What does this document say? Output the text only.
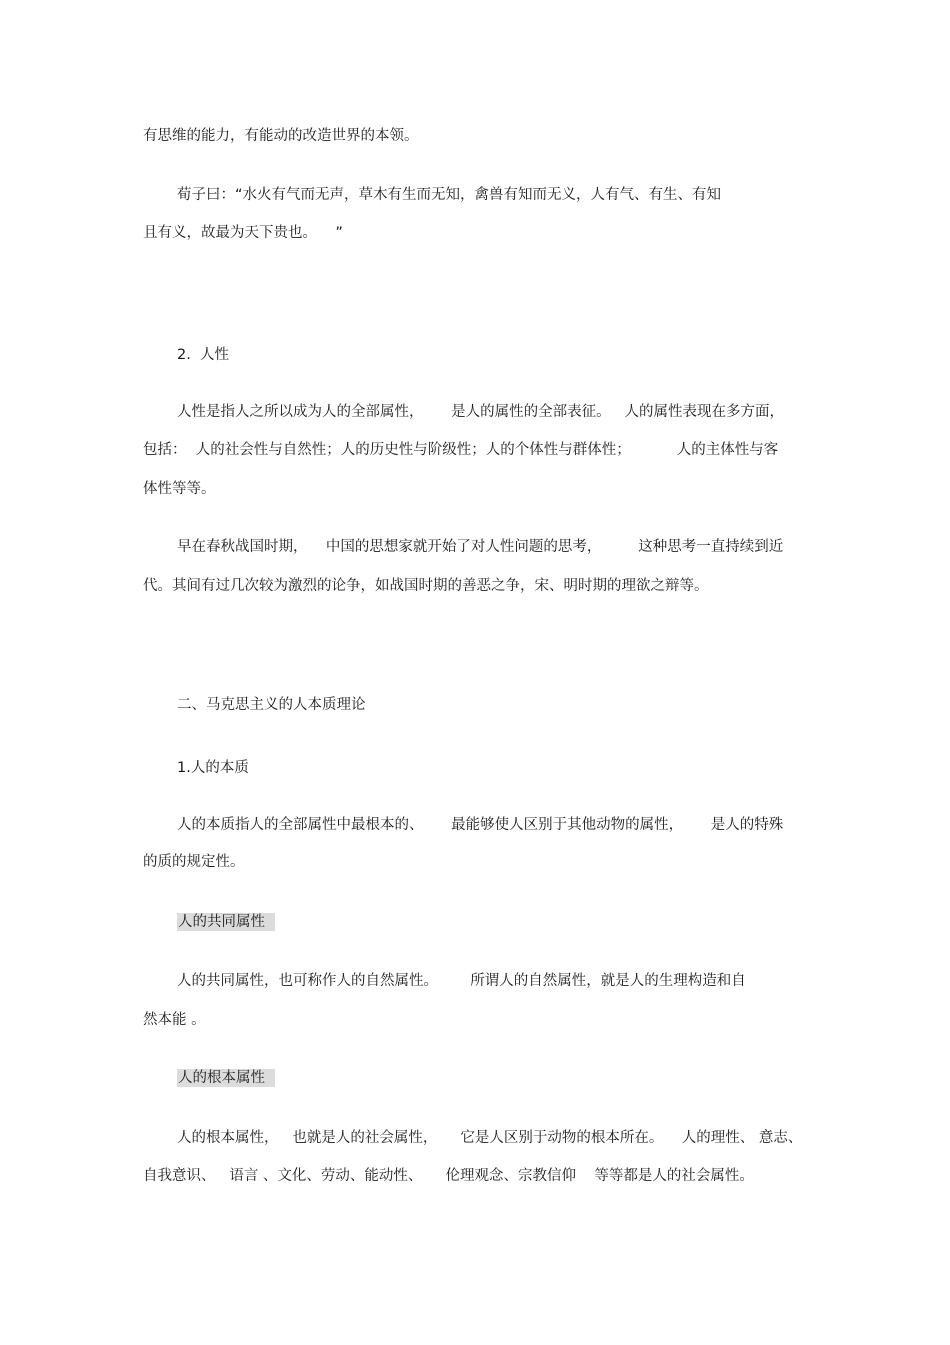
有思维的能力，有能动的改造世界的本领。
荀子曰：“水火有气而无声，草木有生而无知，禽兽有知而无义，人有气、有生、有知
且有义，故最为天下贵也。    ”
2.  人性
人性是指人之所以成为人的全部属性，      是人的属性的全部表征。   人的属性表现在多方面，
包括：  人的社会性与自然性；人的历史性与阶级性；人的个体性与群体性；          人的主体性与客
体性等等。
早在春秋战国时期，    中国的思想家就开始了对人性问题的思考，        这种思考一直持续到近
代。其间有过几次较为激烈的论争，如战国时期的善恶之争，宋、明时期的理欲之辩等。
二、马克思主义的人本质理论
1.人的本质
人的本质指人的全部属性中最根本的、      最能够使人区别于其他动物的属性，      是人的特殊
的质的规定性。
人的共同属性
人的共同属性，也可称作人的自然属性。       所谓人的自然属性，就是人的生理构造和自
然本能 。
人的根本属性
人的根本属性，   也就是人的社会属性，     它是人区别于动物的根本所在。    人的理性、 意志、
自我意识、   语言 、文化、劳动、能动性、     伦理观念、宗教信仰    等等都是人的社会属性。
